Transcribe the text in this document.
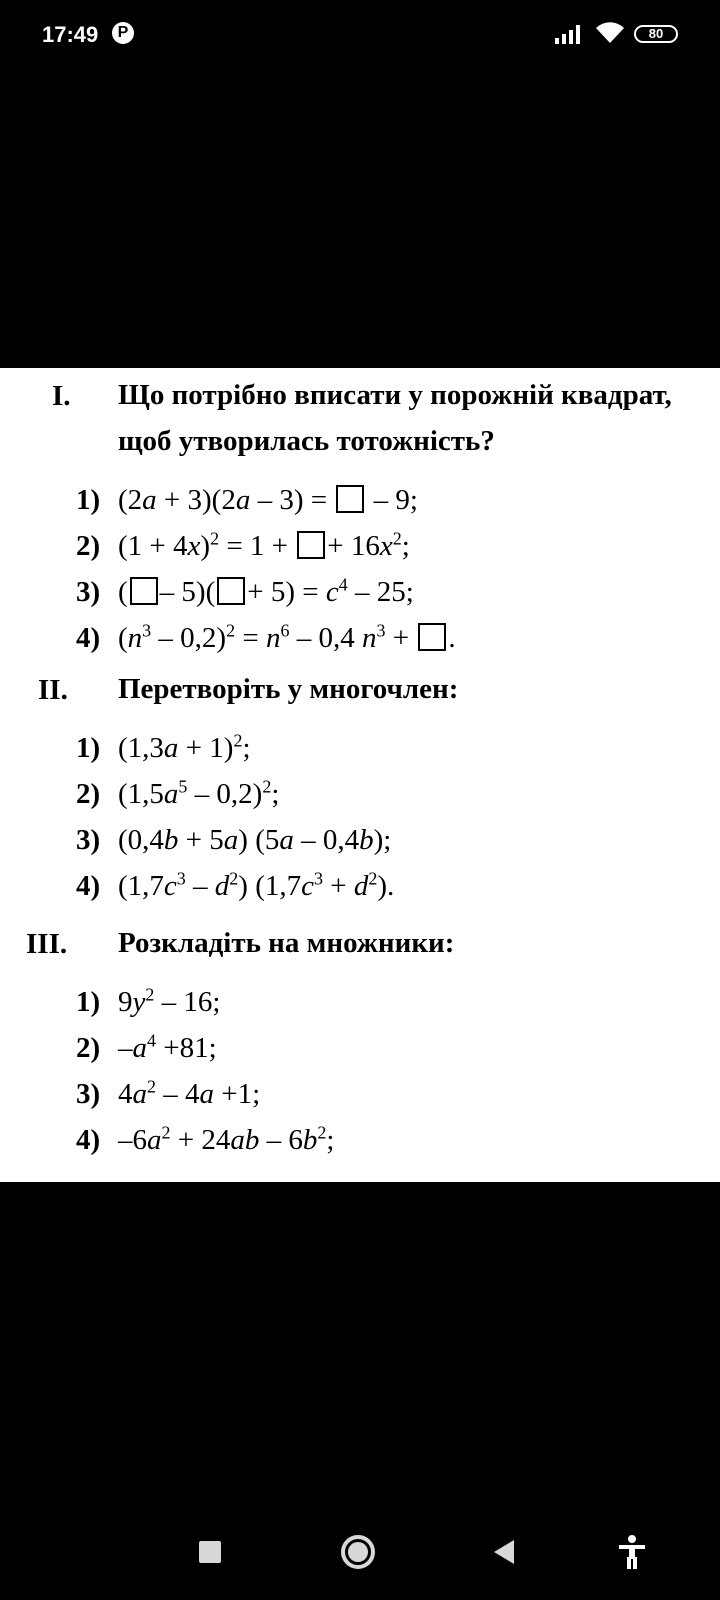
17:49	P	80
I. Що потрібно вписати у порожній квадрат, щоб утворилась тотожність?
1) (2a + 3)(2a – 3) =  – 9;
2) $(1 + 4x)^2 = 1$ + + $16x^2$;
3) ( – $5)( + 5) = c^4 - 25$;
4) $(n^3 - 0,2)^2 = n^6 - 0,4$ $n^3$ + .
II. Перетворіть у многочлен:
1) $(1,3a + 1)^2$;
2) $(1,5a^5 - 0,2)^2$;
3) (0,4b + 5a) (5a – 0,4b);
4) $(1,7c^3 - d^2) (1,7c^3 + d^2)$.
III. Розкладіть на множники:
1) $9y^2 - 16$;
2) $-a^4 +81$;
3) $4a^2 - 4a +1$;
4) $-6a^2 + 24ab - 6b^2$;
